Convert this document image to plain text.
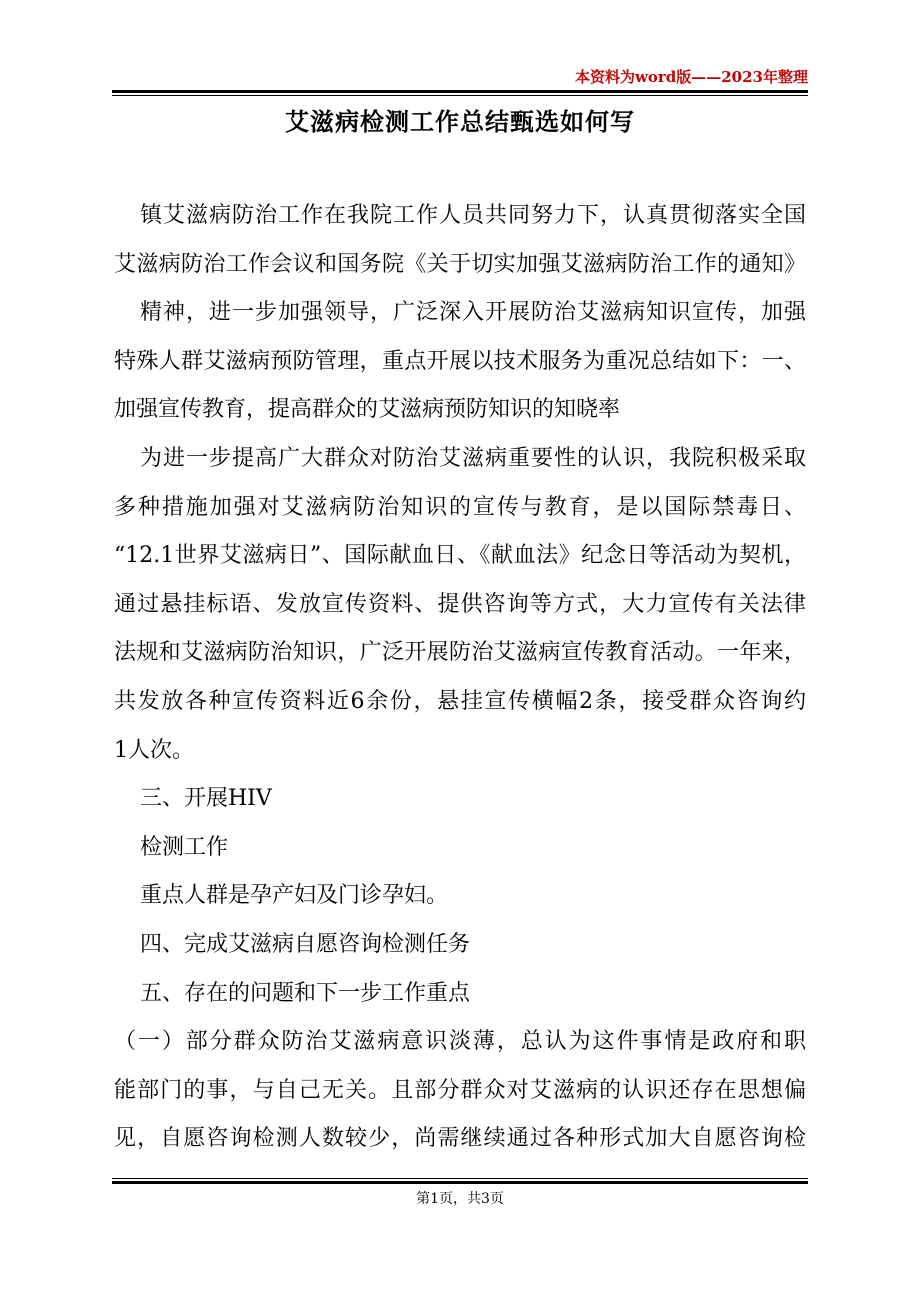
本资料为word版——2023年整理
艾滋病检测工作总结甄选如何写
镇艾滋病防治工作在我院工作人员共同努力下，认真贯彻落实全国
艾滋病防治工作会议和国务院《关于切实加强艾滋病防治工作的通知》
精神，进一步加强领导，广泛深入开展防治艾滋病知识宣传，加强
特殊人群艾滋病预防管理，重点开展以技术服务为重况总结如下：一、
加强宣传教育，提高群众的艾滋病预防知识的知晓率
为进一步提高广大群众对防治艾滋病重要性的认识，我院积极采取
多种措施加强对艾滋病防治知识的宣传与教育，是以国际禁毒日、
“12.1世界艾滋病日”、国际献血日、《献血法》纪念日等活动为契机，
通过悬挂标语、发放宣传资料、提供咨询等方式，大力宣传有关法律
法规和艾滋病防治知识，广泛开展防治艾滋病宣传教育活动。一年来，
共发放各种宣传资料近6余份，悬挂宣传横幅2条，接受群众咨询约
1人次。
三、开展HIV
检测工作
重点人群是孕产妇及门诊孕妇。
四、完成艾滋病自愿咨询检测任务
五、存在的问题和下一步工作重点
（一）部分群众防治艾滋病意识淡薄，总认为这件事情是政府和职
能部门的事，与自己无关。且部分群众对艾滋病的认识还存在思想偏
见，自愿咨询检测人数较少，尚需继续通过各种形式加大自愿咨询检
第1页，共3页
